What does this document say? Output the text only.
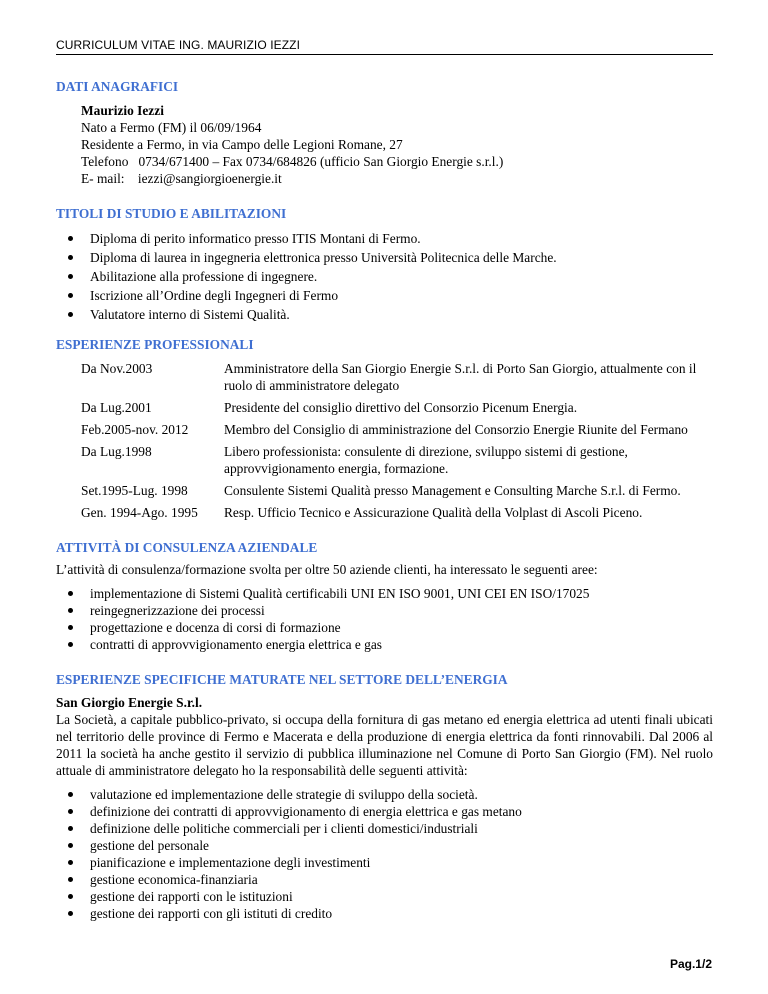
CURRICULUM VITAE ING. MAURIZIO IEZZI
DATI ANAGRAFICI
Maurizio Iezzi
Nato a Fermo (FM) il 06/09/1964
Residente a Fermo, in via Campo delle Legioni Romane, 27
Telefono   0734/671400 – Fax 0734/684826 (ufficio San Giorgio Energie s.r.l.)
E- mail:    iezzi@sangiorgioenergie.it
TITOLI DI STUDIO E ABILITAZIONI
Diploma di perito informatico presso ITIS Montani di Fermo.
Diploma di laurea in ingegneria elettronica presso Università Politecnica delle Marche.
Abilitazione alla professione di ingegnere.
Iscrizione all’Ordine degli Ingegneri di Fermo
Valutatore interno di Sistemi Qualità.
ESPERIENZE PROFESSIONALI
Da Nov.2003	Amministratore della San Giorgio Energie S.r.l. di Porto San Giorgio, attualmente con il ruolo di amministratore delegato
Da Lug.2001	Presidente del consiglio direttivo del Consorzio Picenum Energia.
Feb.2005-nov. 2012	Membro del Consiglio di amministrazione del Consorzio Energie Riunite del Fermano
Da Lug.1998	Libero professionista: consulente di direzione, sviluppo sistemi di gestione, approvvigionamento energia, formazione.
Set.1995-Lug. 1998	Consulente Sistemi Qualità presso Management e Consulting Marche S.r.l. di Fermo.
Gen. 1994-Ago. 1995	Resp. Ufficio Tecnico e Assicurazione Qualità della Volplast di Ascoli Piceno.
ATTIVITÀ DI CONSULENZA AZIENDALE
L’attività di consulenza/formazione svolta per oltre 50 aziende clienti, ha interessato le seguenti aree:
implementazione di Sistemi Qualità certificabili UNI EN ISO 9001, UNI CEI EN ISO/17025
reingegnerizzazione dei processi
progettazione e docenza di corsi di formazione
contratti di approvvigionamento energia elettrica e gas
ESPERIENZE SPECIFICHE MATURATE NEL SETTORE DELL’ENERGIA
San Giorgio Energie S.r.l.
La Società, a capitale pubblico-privato, si occupa della fornitura di gas metano ed energia elettrica ad utenti finali ubicati nel territorio delle province di Fermo e Macerata e della produzione di energia elettrica da fonti rinnovabili. Dal 2006 al 2011 la società ha anche gestito il servizio di pubblica illuminazione nel Comune di Porto San Giorgio (FM). Nel ruolo attuale di amministratore delegato ho la responsabilità delle seguenti attività:
valutazione ed implementazione delle strategie di sviluppo della società.
definizione dei contratti di approvvigionamento di energia elettrica e gas metano
definizione delle politiche commerciali per i clienti domestici/industriali
gestione del personale
pianificazione e implementazione degli investimenti
gestione economica-finanziaria
gestione dei rapporti con le istituzioni
gestione dei rapporti con gli istituti di credito
Pag.1/2
